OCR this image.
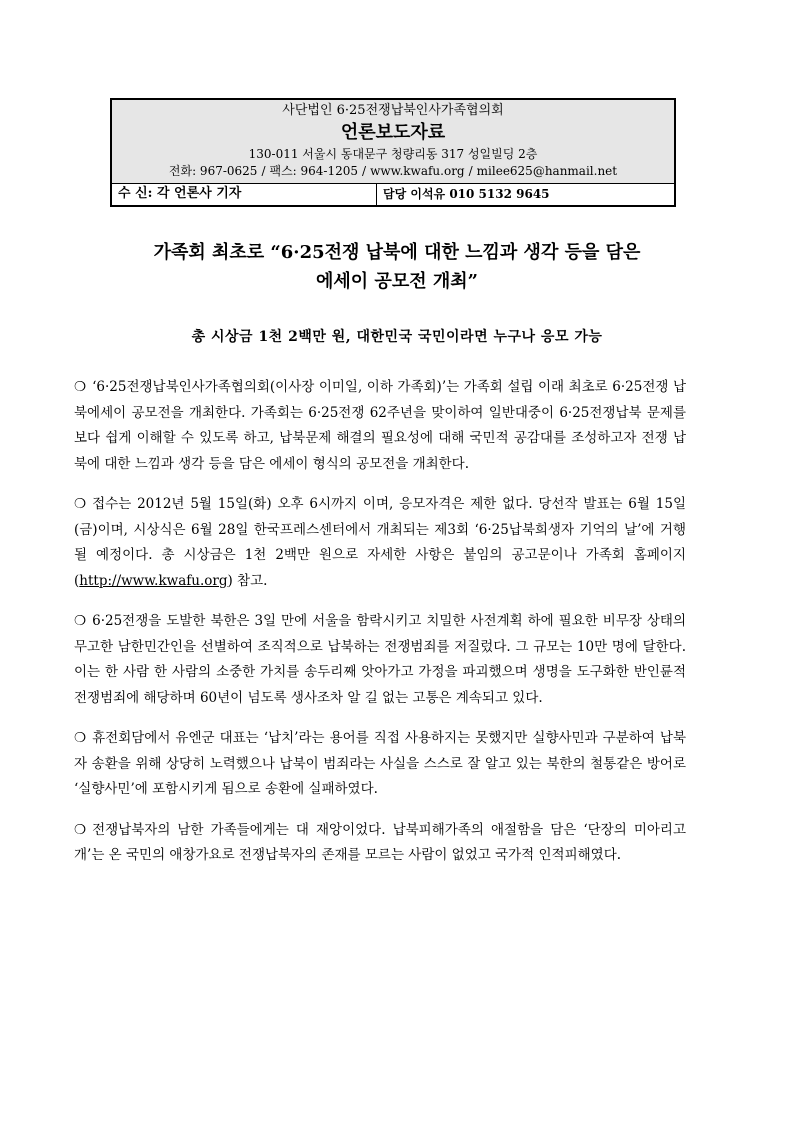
사단법인 6·25전쟁납북인사가족협의회
언론보도자료
130-011 서울시 동대문구 청량리동 317 성일빌딩 2층
전화: 967-0625 / 팩스: 964-1205 / www.kwafu.org / milee625@hanmail.net
수 신: 각 언론사 기자	담당 이석유 010 5132 9645
가족회 최초로 “6·25전쟁 납북에 대한 느낌과 생각 등을 담은
에세이 공모전 개최”
총 시상금 1천 2백만 원, 대한민국 국민이라면 누구나 응모 가능

❍ ‘6·25전쟁납북인사가족협의회(이사장 이미일, 이하 가족회)’는 가족회 설립 이래 최초로 6·25전쟁 납북에세이 공모전을 개최한다. 가족회는 6·25전쟁 62주년을 맞이하여 일반대중이 6·25전쟁납북 문제를 보다 쉽게 이해할 수 있도록 하고, 납북문제 해결의 필요성에 대해 국민적 공감대를 조성하고자 전쟁 납북에 대한 느낌과 생각 등을 담은 에세이 형식의 공모전을 개최한다.

❍ 접수는 2012년 5월 15일(화) 오후 6시까지 이며, 응모자격은 제한 없다. 당선작 발표는 6월 15일(금)이며, 시상식은 6월 28일 한국프레스센터에서 개최되는 제3회 ‘6·25납북희생자 기억의 날’에 거행될 예정이다. 총 시상금은 1천 2백만 원으로 자세한 사항은 붙임의 공고문이나 가족회 홈페이지(http://www.kwafu.org) 참고.

❍ 6·25전쟁을 도발한 북한은 3일 만에 서울을 함락시키고 치밀한 사전계획 하에 필요한 비무장 상태의 무고한 남한민간인을 선별하여 조직적으로 납북하는 전쟁범죄를 저질렀다. 그 규모는 10만 명에 달한다. 이는 한 사람 한 사람의 소중한 가치를 송두리째 앗아가고 가정을 파괴했으며 생명을 도구화한 반인륜적 전쟁범죄에 해당하며 60년이 넘도록 생사조차 알 길 없는 고통은 계속되고 있다.

❍ 휴전회담에서 유엔군 대표는 ‘납치’라는 용어를 직접 사용하지는 못했지만 실향사민과 구분하여 납북자 송환을 위해 상당히 노력했으나 납북이 범죄라는 사실을 스스로 잘 알고 있는 북한의 철통같은 방어로 ‘실향사민’에 포함시키게 됨으로 송환에 실패하였다.

❍ 전쟁납북자의 남한 가족들에게는 대 재앙이었다. 납북피해가족의 애절함을 담은 ‘단장의 미아리고개’는 온 국민의 애창가요로 전쟁납북자의 존재를 모르는 사람이 없었고 국가적 인적피해였다.
